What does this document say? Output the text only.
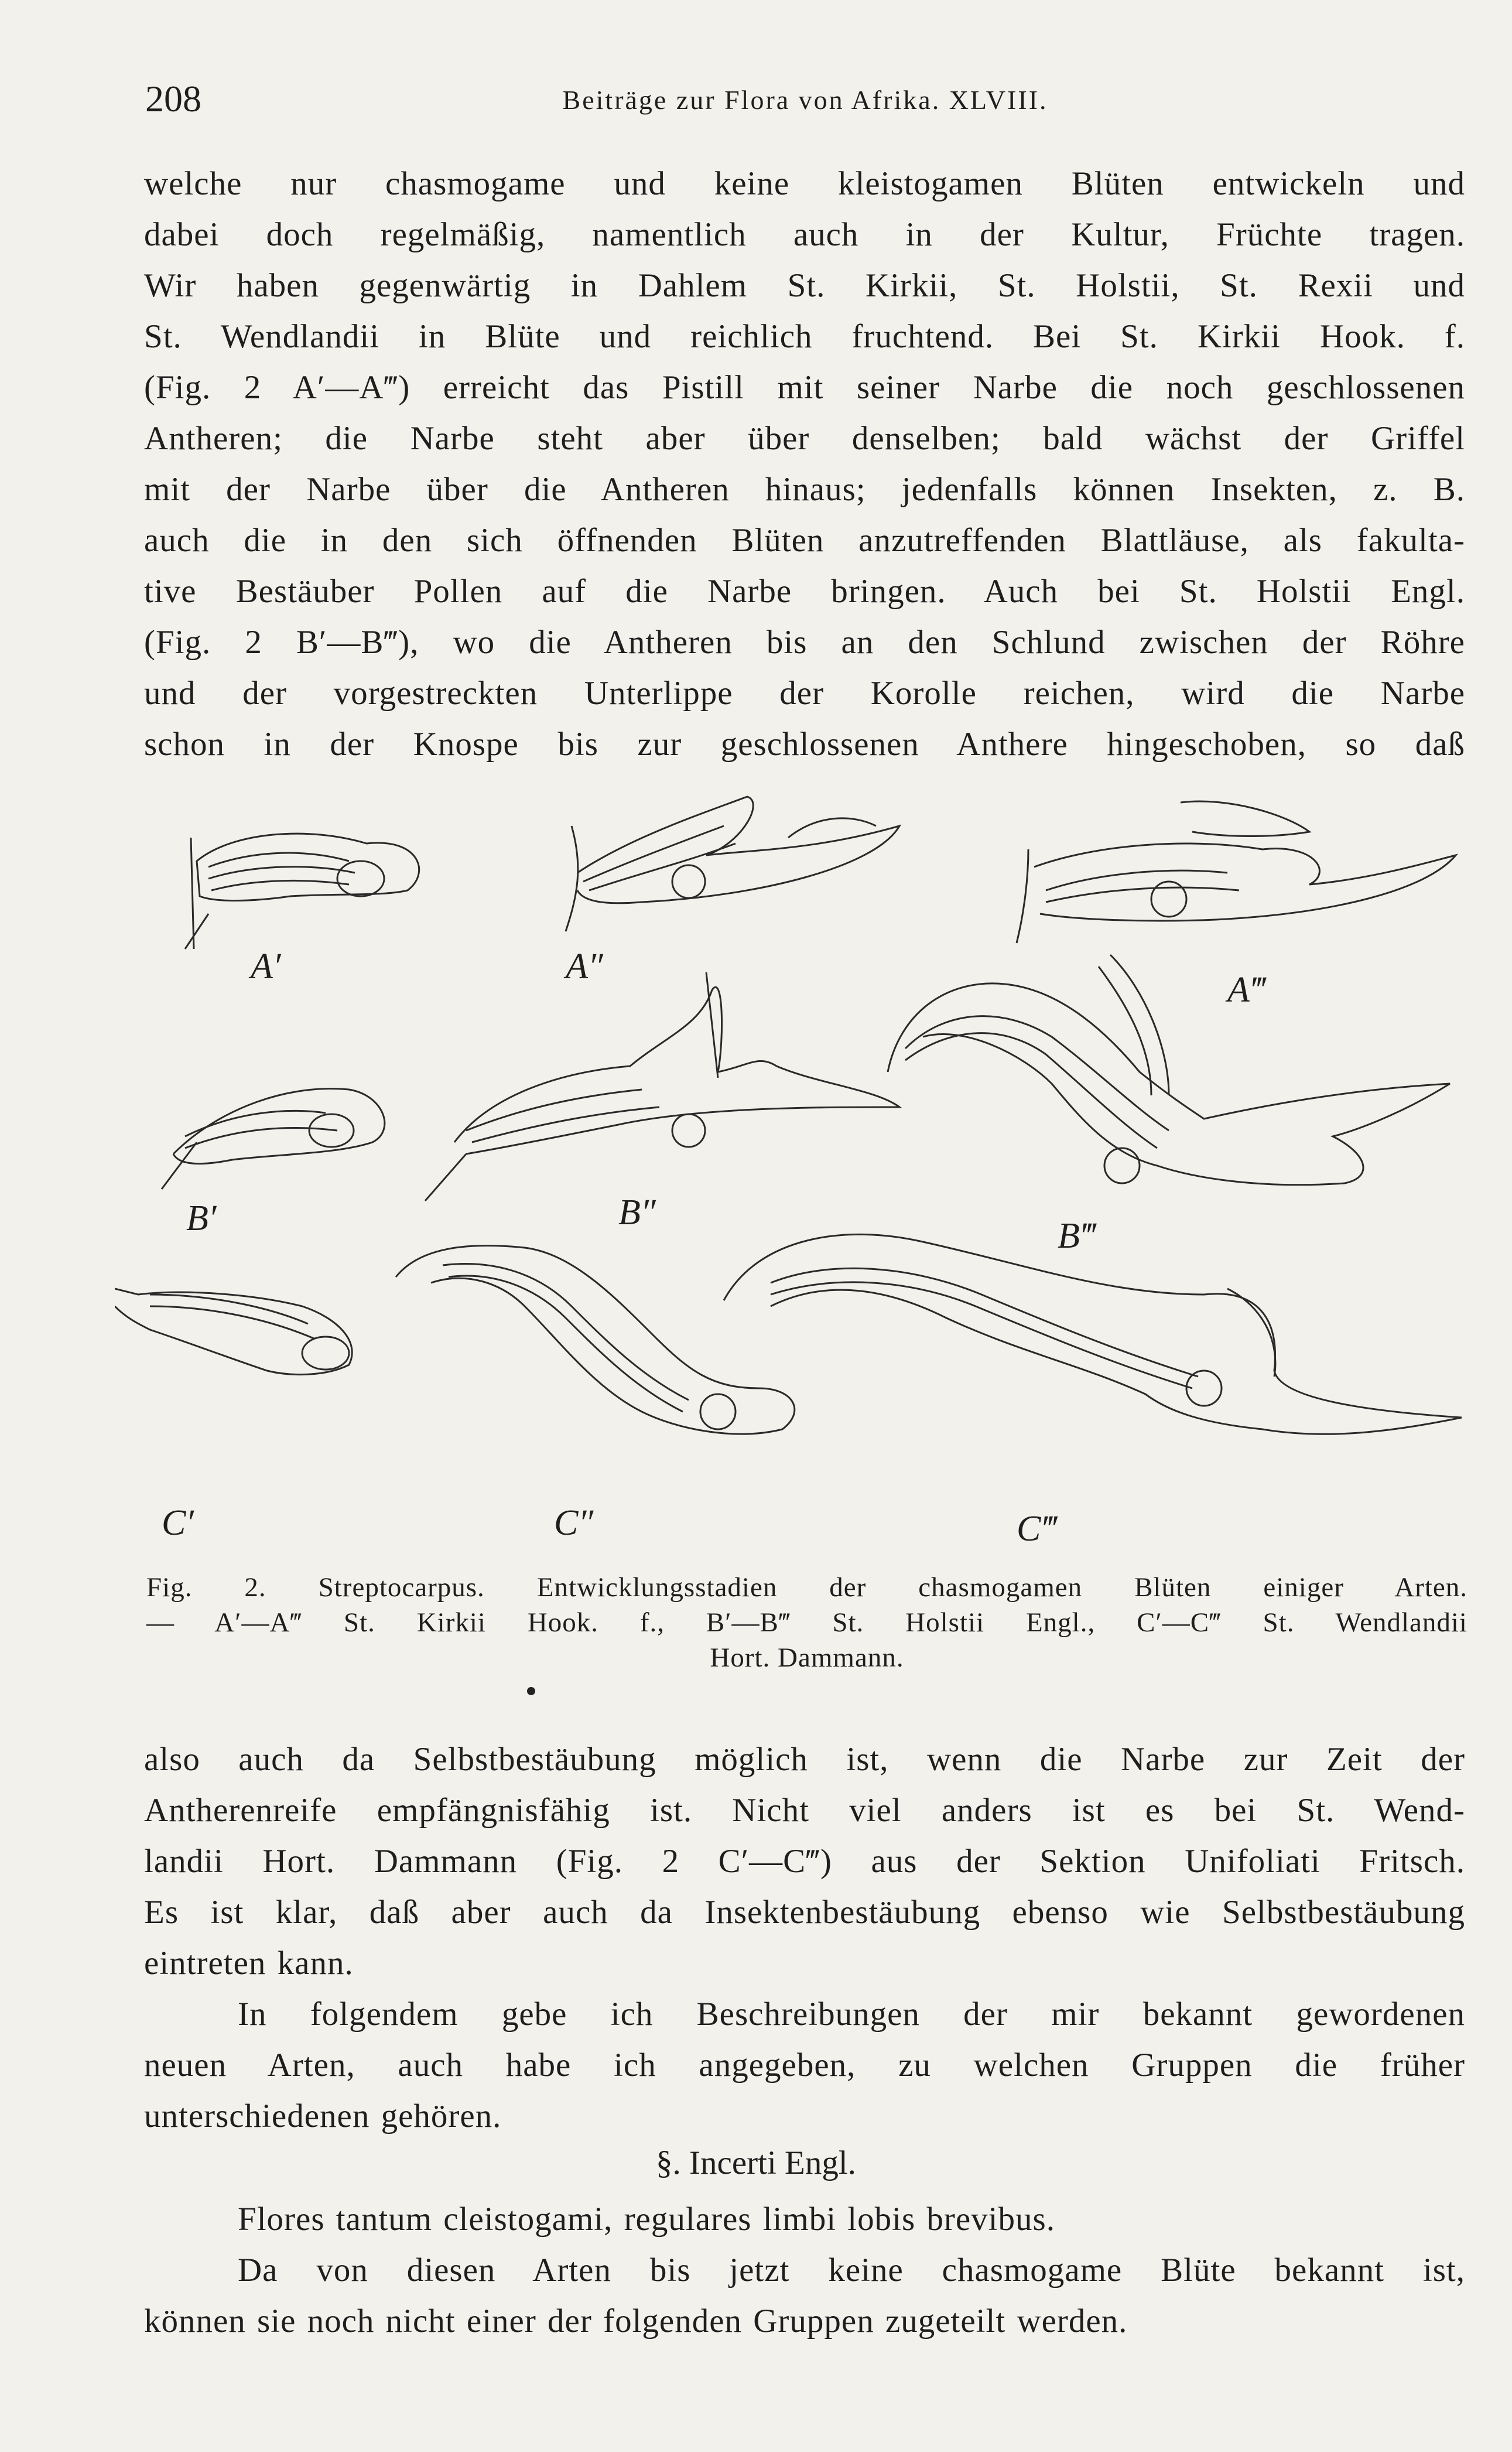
208	Beiträge zur Flora von Afrika. XLVIII.
welche nur chasmogame und keine kleistogamen Blüten entwickeln und
dabei doch regelmäßig, namentlich auch in der Kultur, Früchte tragen.
Wir haben gegenwärtig in Dahlem St. Kirkii, St. Holstii, St. Rexii und
St. Wendlandii in Blüte und reichlich fruchtend. Bei St. Kirkii Hook. f.
(Fig. 2 A′—A‴) erreicht das Pistill mit seiner Narbe die noch geschlossenen
Antheren; die Narbe steht aber über denselben; bald wächst der Griffel
mit der Narbe über die Antheren hinaus; jedenfalls können Insekten, z. B.
auch die in den sich öffnenden Blüten anzutreffenden Blattläuse, als fakulta-
tive Bestäuber Pollen auf die Narbe bringen. Auch bei St. Holstii Engl.
(Fig. 2 B′—B‴), wo die Antheren bis an den Schlund zwischen der Röhre
und der vorgestreckten Unterlippe der Korolle reichen, wird die Narbe
schon in der Knospe bis zur geschlossenen Anthere hingeschoben, so daß
A′	A″
A‴
B′	B″
B‴
C′	C″	C‴
Fig. 2. Streptocarpus. Entwicklungsstadien der chasmogamen Blüten einiger Arten.
— A′—A‴ St. Kirkii Hook. f., B′—B‴ St. Holstii Engl., C′—C‴ St. Wendlandii
Hort. Dammann.
also auch da Selbstbestäubung möglich ist, wenn die Narbe zur Zeit der
Antherenreife empfängnisfähig ist. Nicht viel anders ist es bei St. Wend-
landii Hort. Dammann (Fig. 2 C′—C‴) aus der Sektion Unifoliati Fritsch.
Es ist klar, daß aber auch da Insektenbestäubung ebenso wie Selbstbestäubung
eintreten kann.
In folgendem gebe ich Beschreibungen der mir bekannt gewordenen
neuen Arten, auch habe ich angegeben, zu welchen Gruppen die früher
unterschiedenen gehören.
§. Incerti Engl.
Flores tantum cleistogami, regulares limbi lobis brevibus.
Da von diesen Arten bis jetzt keine chasmogame Blüte bekannt ist,
können sie noch nicht einer der folgenden Gruppen zugeteilt werden.
